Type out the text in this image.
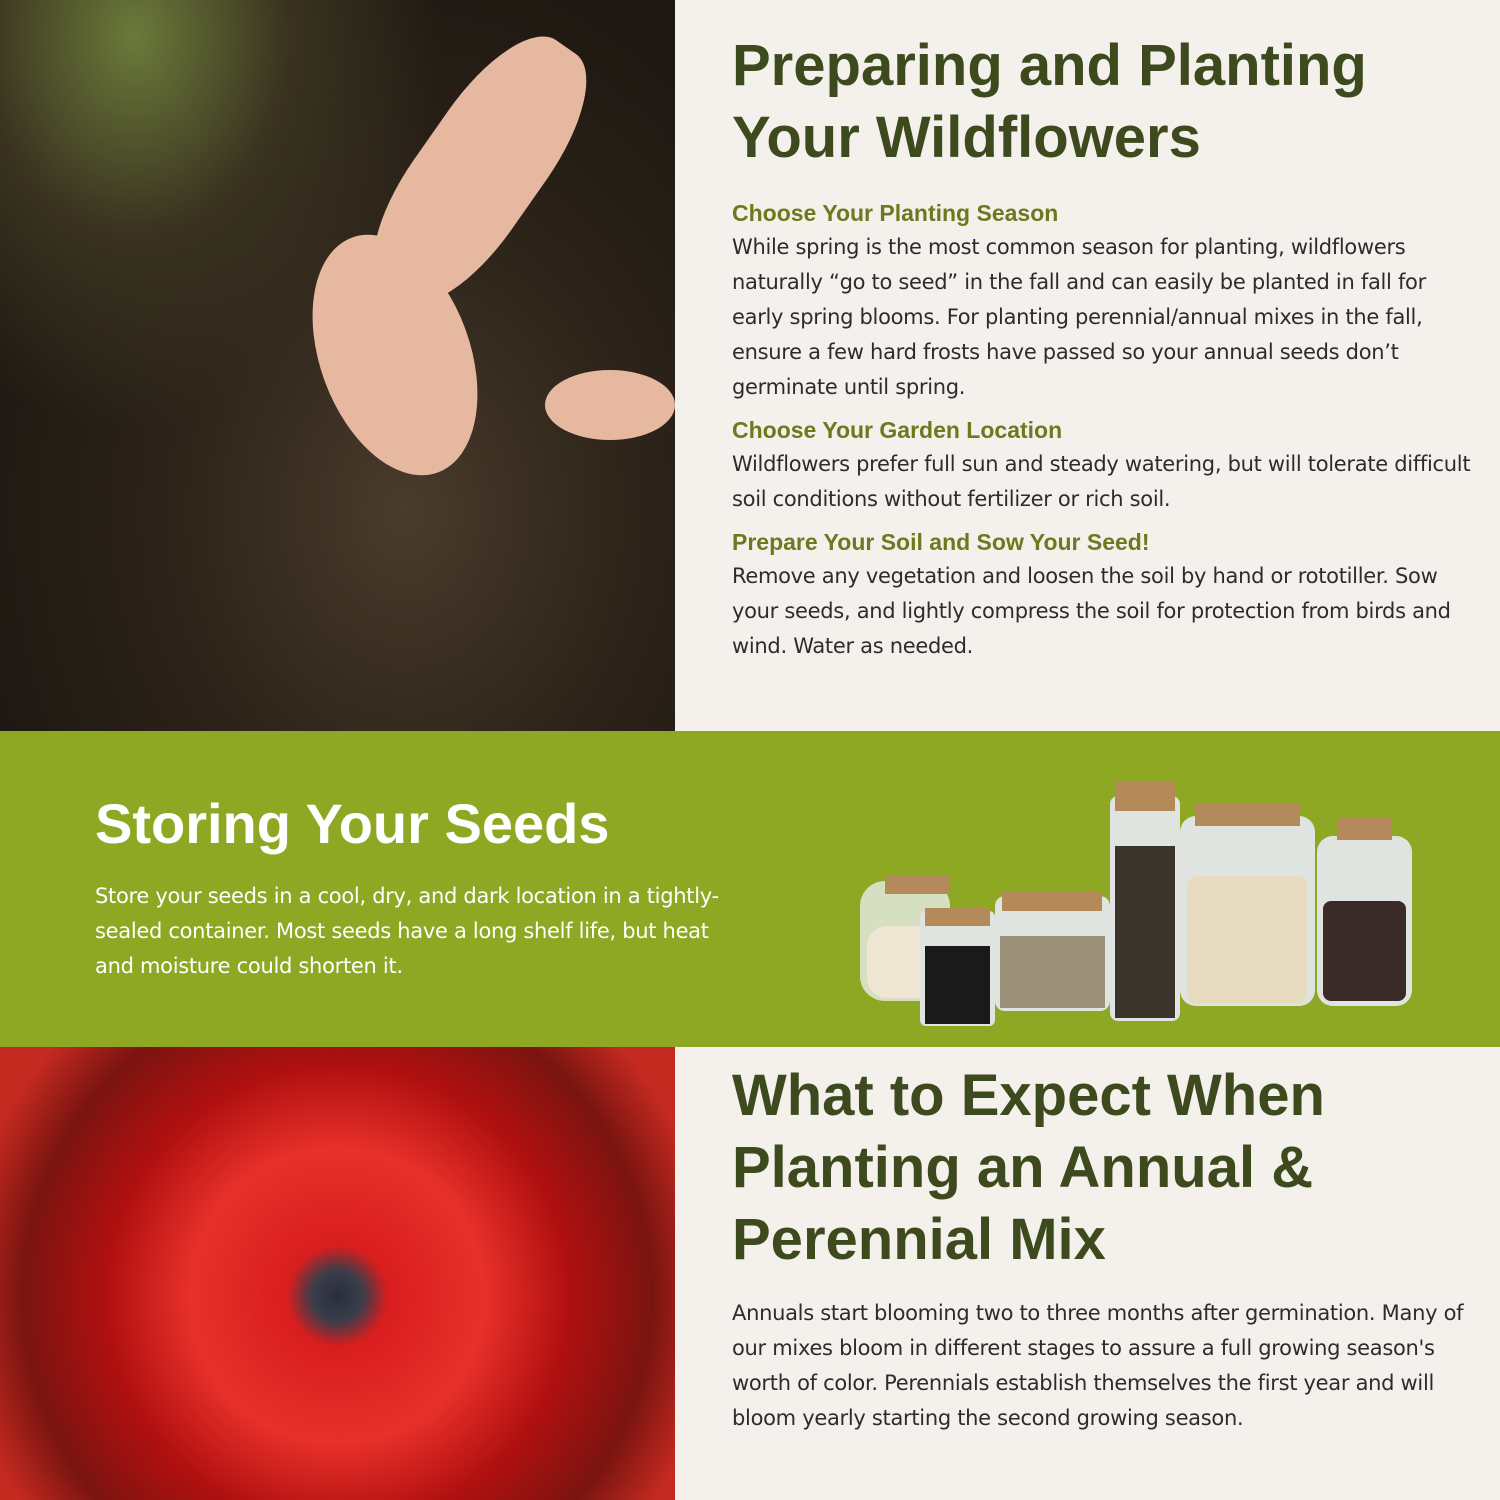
Preparing and Planting Your Wildflowers
Choose Your Planting Season

While spring is the most common season for planting, wildflowers naturally “go to seed” in the fall and can easily be planted in fall for early spring blooms. For planting perennial/annual mixes in the fall, ensure a few hard frosts have passed so your annual seeds don’t germinate until spring.

Choose Your Garden Location

Wildflowers prefer full sun and steady watering, but will tolerate difficult soil conditions without fertilizer or rich soil.

Prepare Your Soil and Sow Your Seed!

Remove any vegetation and loosen the soil by hand or rototiller. Sow your seeds, and lightly compress the soil for protection from birds and wind. Water as needed.

Storing Your Seeds

Store your seeds in a cool, dry, and dark location in a tightly-sealed container. Most seeds have a long shelf life, but heat and moisture could shorten it.

What to Expect When Planting an Annual & Perennial Mix

Annuals start blooming two to three months after germination. Many of our mixes bloom in different stages to assure a full growing season's worth of color. Perennials establish themselves the first year and will bloom yearly starting the second growing season.
